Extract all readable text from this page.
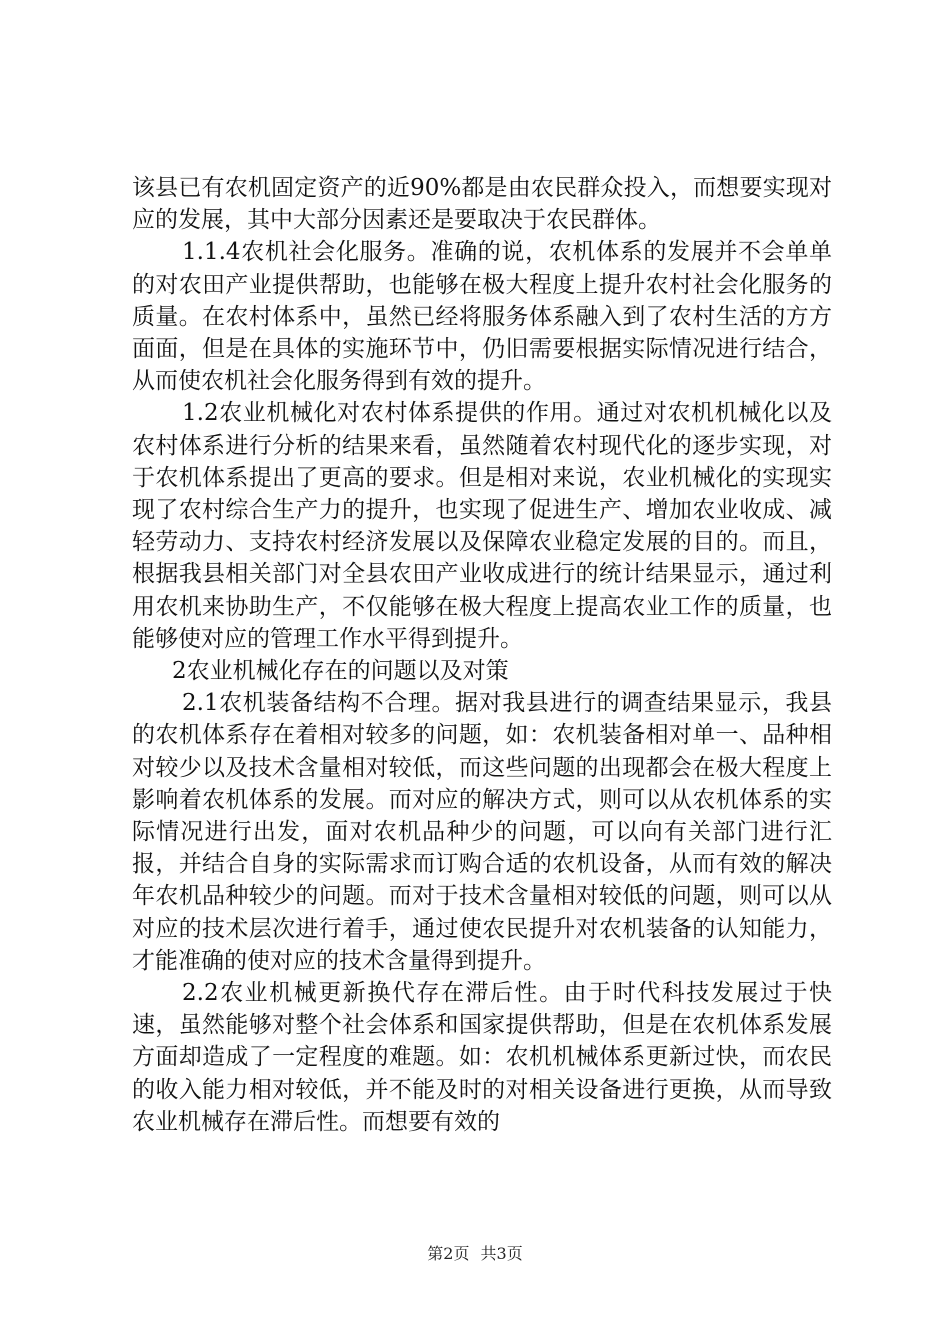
该县已有农机固定资产的近90%都是由农民群众投入，而想要实现对应的发展，其中大部分因素还是要取决于农民群体。

1.1.4农机社会化服务。准确的说，农机体系的发展并不会单单的对农田产业提供帮助，也能够在极大程度上提升农村社会化服务的质量。在农村体系中，虽然已经将服务体系融入到了农村生活的方方面面，但是在具体的实施环节中，仍旧需要根据实际情况进行结合，从而使农机社会化服务得到有效的提升。

1.2农业机械化对农村体系提供的作用。通过对农机机械化以及农村体系进行分析的结果来看，虽然随着农村现代化的逐步实现，对于农机体系提出了更高的要求。但是相对来说，农业机械化的实现实现了农村综合生产力的提升，也实现了促进生产、增加农业收成、减轻劳动力、支持农村经济发展以及保障农业稳定发展的目的。而且，根据我县相关部门对全县农田产业收成进行的统计结果显示，通过利用农机来协助生产，不仅能够在极大程度上提高农业工作的质量，也能够使对应的管理工作水平得到提升。

2农业机械化存在的问题以及对策

2.1农机装备结构不合理。据对我县进行的调查结果显示，我县的农机体系存在着相对较多的问题，如：农机装备相对单一、品种相对较少以及技术含量相对较低，而这些问题的出现都会在极大程度上影响着农机体系的发展。而对应的解决方式，则可以从农机体系的实际情况进行出发，面对农机品种少的问题，可以向有关部门进行汇报，并结合自身的实际需求而订购合适的农机设备，从而有效的解决年农机品种较少的问题。而对于技术含量相对较低的问题，则可以从对应的技术层次进行着手，通过使农民提升对农机装备的认知能力，才能准确的使对应的技术含量得到提升。

2.2农业机械更新换代存在滞后性。由于时代科技发展过于快速，虽然能够对整个社会体系和国家提供帮助，但是在农机体系发展方面却造成了一定程度的难题。如：农机机械体系更新过快，而农民的收入能力相对较低，并不能及时的对相关设备进行更换，从而导致农业机械存在滞后性。而想要有效的

第2页 共3页
